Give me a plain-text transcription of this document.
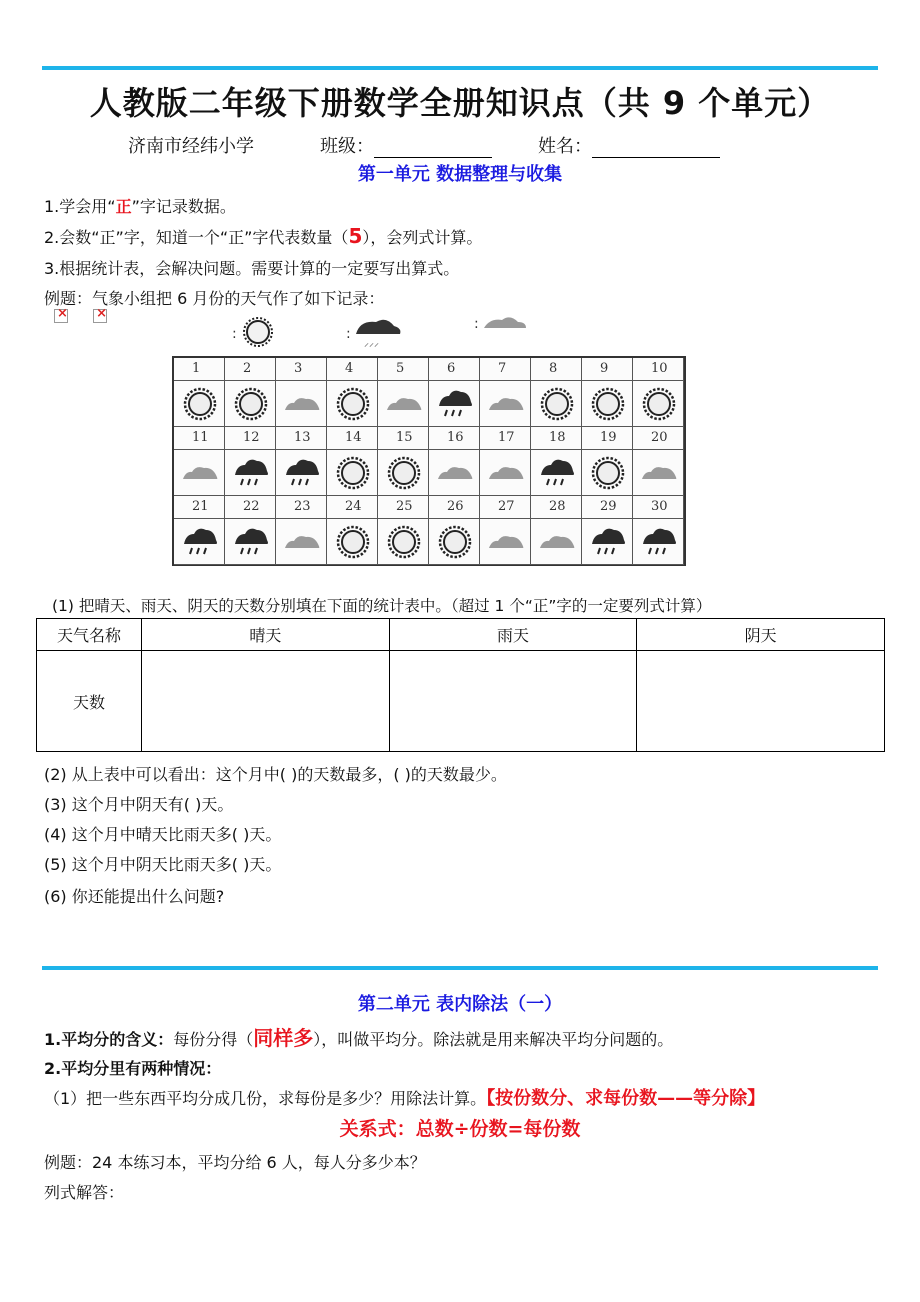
人教版二年级下册数学全册知识点（共 9 个单元）
济南市经纬小学	班级：	姓名：
第一单元 数据整理与收集
1.学会用“正”字记录数据。
2.会数“正”字，知道一个“正”字代表数量（5），会列式计算。
3.根据统计表，会解决问题。需要计算的一定要写出算式。
例题：气象小组把 6 月份的天气作了如下记录：
× ×
:	:
⸝⸝⸝
:
1	2	3	4	5	6	7	8	9	10
11	12	13	14	15	16	17	18	19	20
21	22	23	24	25	26	27	28	29	30
(1) 把晴天、雨天、阴天的天数分别填在下面的统计表中。（超过 1 个“正”字的一定要列式计算）
天气名称	晴天	雨天	阴天
天数			
(2) 从上表中可以看出：这个月中( )的天数最多，( )的天数最少。
(3) 这个月中阴天有( )天。
(4) 这个月中晴天比雨天多( )天。
(5) 这个月中阴天比雨天多( )天。
(6) 你还能提出什么问题?
第二单元 表内除法（一）
1.平均分的含义：每份分得（同样多），叫做平均分。除法就是用来解决平均分问题的。
2.平均分里有两种情况：
（1）把一些东西平均分成几份，求每份是多少？用除法计算。【按份数分、求每份数——等分除】
关系式：总数÷份数=每份数
例题：24 本练习本，平均分给 6 人，每人分多少本？
列式解答：
